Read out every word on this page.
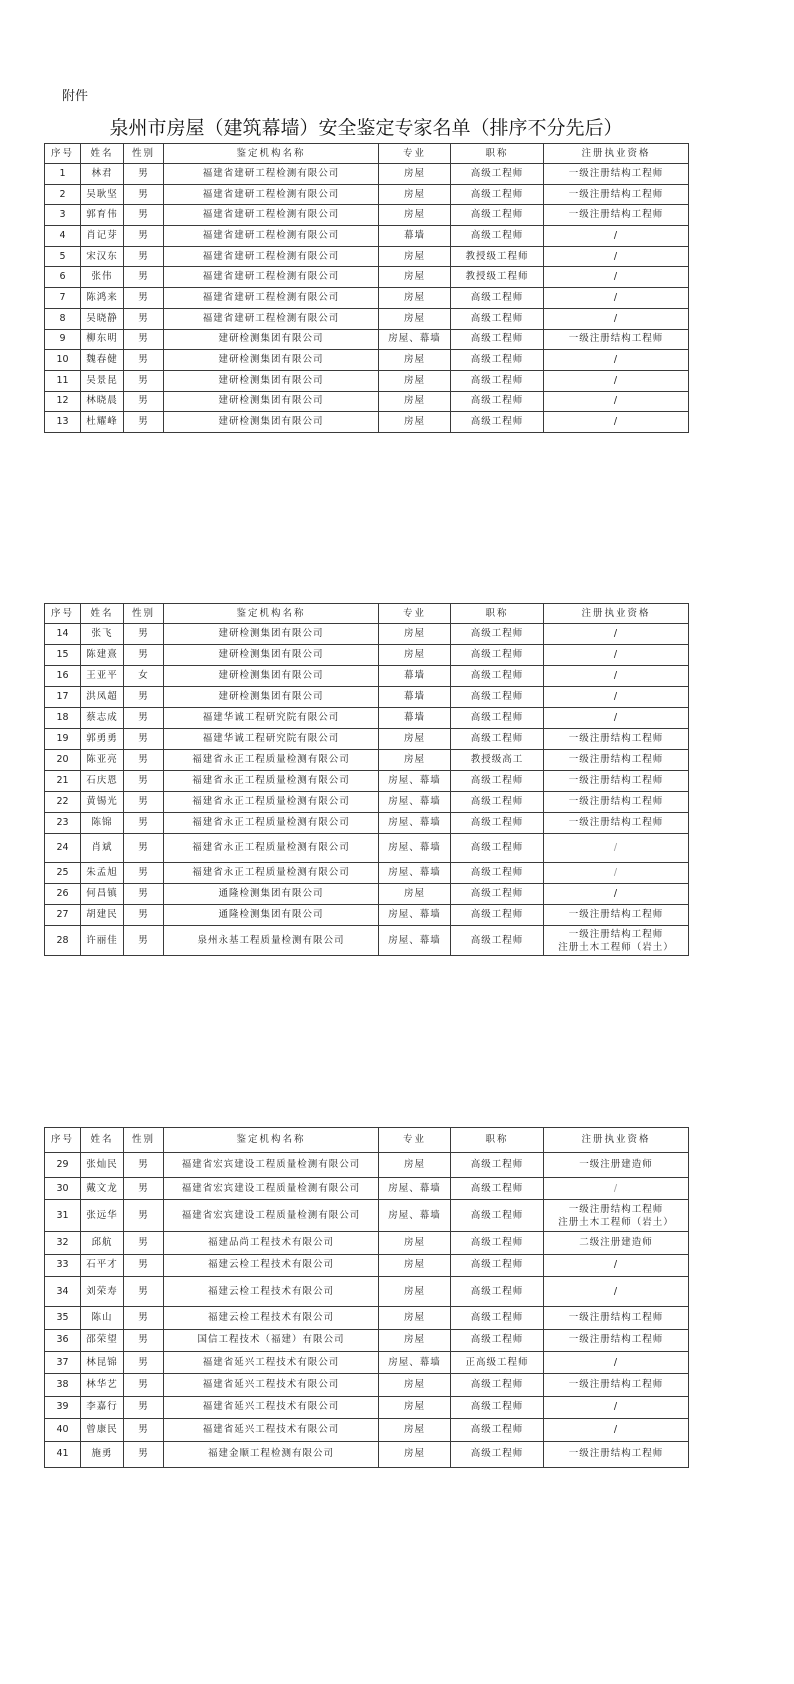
附件
泉州市房屋（建筑幕墙）安全鉴定专家名单（排序不分先后）
序号	姓名	性别	鉴定机构名称	专业	职称	注册执业资格
1	林君	男	福建省建研工程检测有限公司	房屋	高级工程师	一级注册结构工程师
2	吴耿坚	男	福建省建研工程检测有限公司	房屋	高级工程师	一级注册结构工程师
3	郭育伟	男	福建省建研工程检测有限公司	房屋	高级工程师	一级注册结构工程师
4	肖记芽	男	福建省建研工程检测有限公司	幕墙	高级工程师	/
5	宋汉东	男	福建省建研工程检测有限公司	房屋	教授级工程师	/
6	张伟	男	福建省建研工程检测有限公司	房屋	教授级工程师	/
7	陈鸿来	男	福建省建研工程检测有限公司	房屋	高级工程师	/
8	吴晓静	男	福建省建研工程检测有限公司	房屋	高级工程师	/
9	柳东明	男	建研检测集团有限公司	房屋、幕墙	高级工程师	一级注册结构工程师
10	魏春健	男	建研检测集团有限公司	房屋	高级工程师	/
11	吴景昆	男	建研检测集团有限公司	房屋	高级工程师	/
12	林晓晨	男	建研检测集团有限公司	房屋	高级工程师	/
13	杜耀峰	男	建研检测集团有限公司	房屋	高级工程师	/
序号	姓名	性别	鉴定机构名称	专业	职称	注册执业资格
14	张飞	男	建研检测集团有限公司	房屋	高级工程师	/
15	陈建熹	男	建研检测集团有限公司	房屋	高级工程师	/
16	王亚平	女	建研检测集团有限公司	幕墙	高级工程师	/
17	洪凤超	男	建研检测集团有限公司	幕墙	高级工程师	/
18	蔡志成	男	福建华诚工程研究院有限公司	幕墙	高级工程师	/
19	郭勇勇	男	福建华诚工程研究院有限公司	房屋	高级工程师	一级注册结构工程师
20	陈亚亮	男	福建省永正工程质量检测有限公司	房屋	教授级高工	一级注册结构工程师
21	石庆恩	男	福建省永正工程质量检测有限公司	房屋、幕墙	高级工程师	一级注册结构工程师
22	黄锡光	男	福建省永正工程质量检测有限公司	房屋、幕墙	高级工程师	一级注册结构工程师
23	陈锦	男	福建省永正工程质量检测有限公司	房屋、幕墙	高级工程师	一级注册结构工程师
24	肖斌	男	福建省永正工程质量检测有限公司	房屋、幕墙	高级工程师	/
25	朱孟旭	男	福建省永正工程质量检测有限公司	房屋、幕墙	高级工程师	/
26	何昌镇	男	通隆检测集团有限公司	房屋	高级工程师	/
27	胡建民	男	通隆检测集团有限公司	房屋、幕墙	高级工程师	一级注册结构工程师
28	许丽佳	男	泉州永基工程质量检测有限公司	房屋、幕墙	高级工程师	一级注册结构工程师
注册土木工程师（岩土）
序号	姓名	性别	鉴定机构名称	专业	职称	注册执业资格
29	张灿民	男	福建省宏宾建设工程质量检测有限公司	房屋	高级工程师	一级注册建造师
30	戴文龙	男	福建省宏宾建设工程质量检测有限公司	房屋、幕墙	高级工程师	/
31	张远华	男	福建省宏宾建设工程质量检测有限公司	房屋、幕墙	高级工程师	一级注册结构工程师
注册土木工程师（岩土）

32	邱航	男	福建品尚工程技术有限公司	房屋	高级工程师	二级注册建造师
33	石平才	男	福建云检工程技术有限公司	房屋	高级工程师	/
34	刘荣寿	男	福建云检工程技术有限公司	房屋	高级工程师	/
35	陈山	男	福建云检工程技术有限公司	房屋	高级工程师	一级注册结构工程师
36	邵荣望	男	国信工程技术（福建）有限公司	房屋	高级工程师	一级注册结构工程师
37	林昆锦	男	福建省延兴工程技术有限公司	房屋、幕墙	正高级工程师	/
38	林华艺	男	福建省延兴工程技术有限公司	房屋	高级工程师	一级注册结构工程师
39	李嘉行	男	福建省延兴工程技术有限公司	房屋	高级工程师	/
40	曾康民	男	福建省延兴工程技术有限公司	房屋	高级工程师	/
41	施勇	男	福建金顺工程检测有限公司	房屋	高级工程师	一级注册结构工程师
